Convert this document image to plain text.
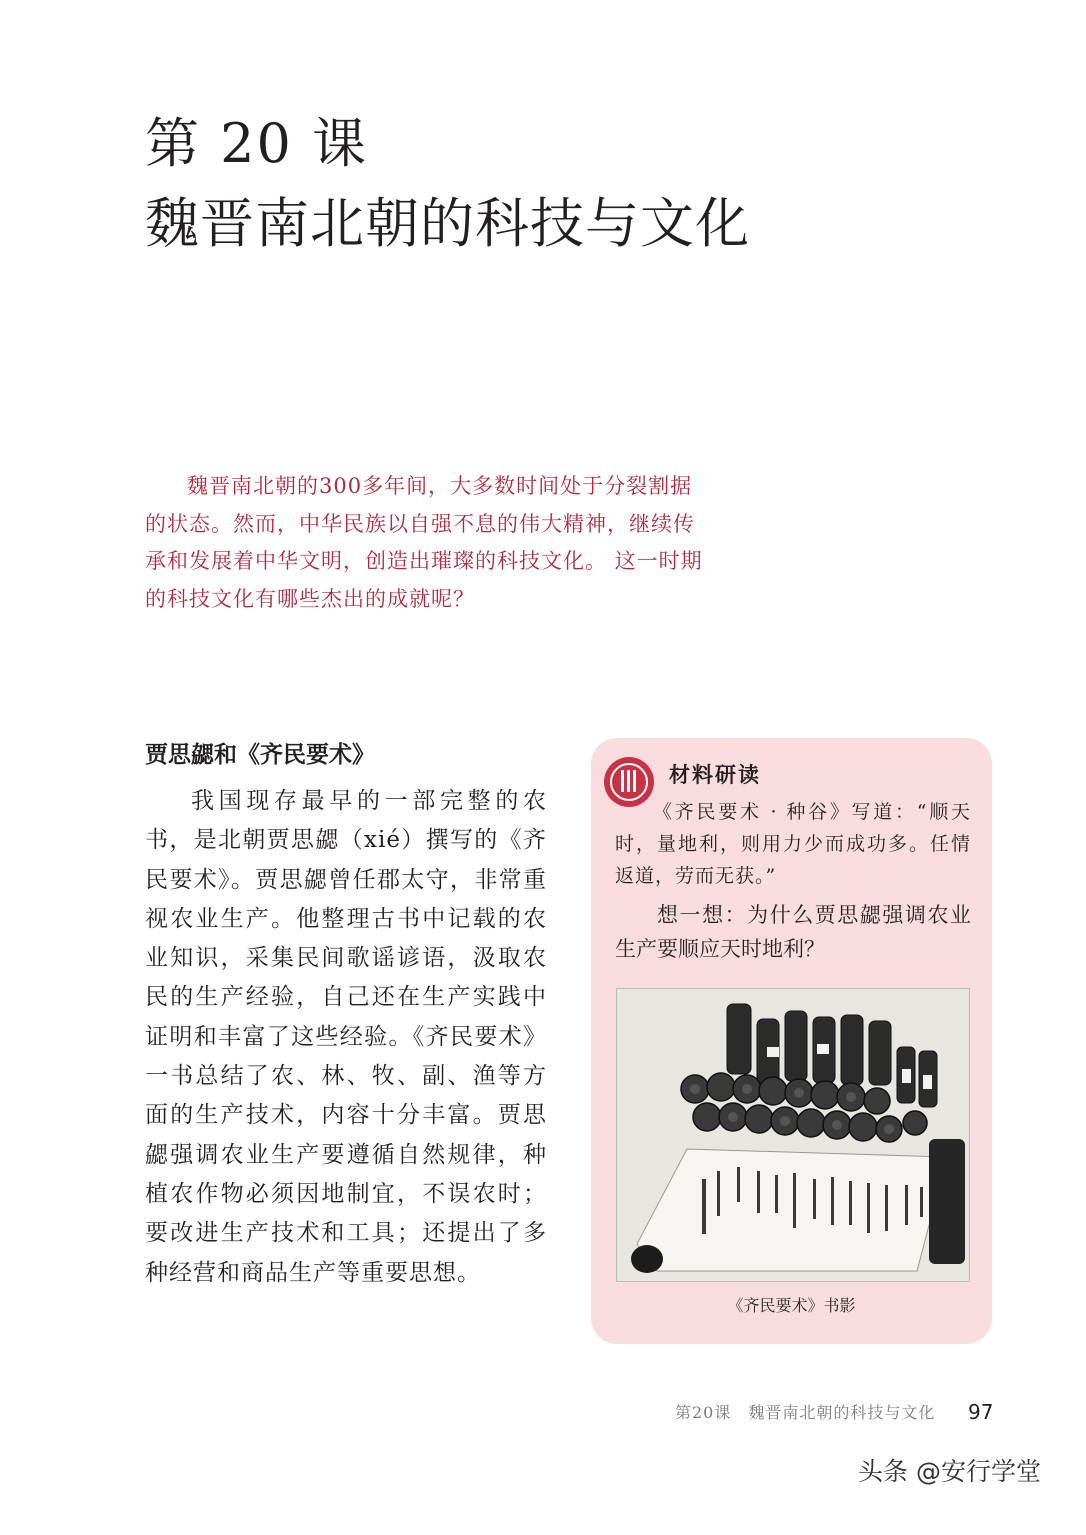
第 20 课
魏晋南北朝的科技与文化

魏晋南北朝的300多年间，大多数时间处于分裂割据的状态。然而，中华民族以自强不息的伟大精神，继续传承和发展着中华文明，创造出璀璨的科技文化。 这一时期的科技文化有哪些杰出的成就呢？

贾思勰和《齐民要术》

我国现存最早的一部完整的农书，是北朝贾思勰（xié）撰写的《齐民要术》。贾思勰曾任郡太守，非常重视农业生产。他整理古书中记载的农业知识，采集民间歌谣谚语，汲取农民的生产经验，自己还在生产实践中证明和丰富了这些经验。《齐民要术》一书总结了农、林、牧、副、渔等方面的生产技术，内容十分丰富。贾思勰强调农业生产要遵循自然规律，种植农作物必须因地制宜，不误农时；要改进生产技术和工具；还提出了多种经营和商品生产等重要思想。

材料研读

《齐民要术 · 种谷》写道：“顺天时，量地利，则用力少而成功多。任情返道，劳而无获。”

想一想：为什么贾思勰强调农业生产要顺应天时地利？

《齐民要术》书影

第20课　魏晋南北朝的科技与文化 97

头条 @安行学堂
